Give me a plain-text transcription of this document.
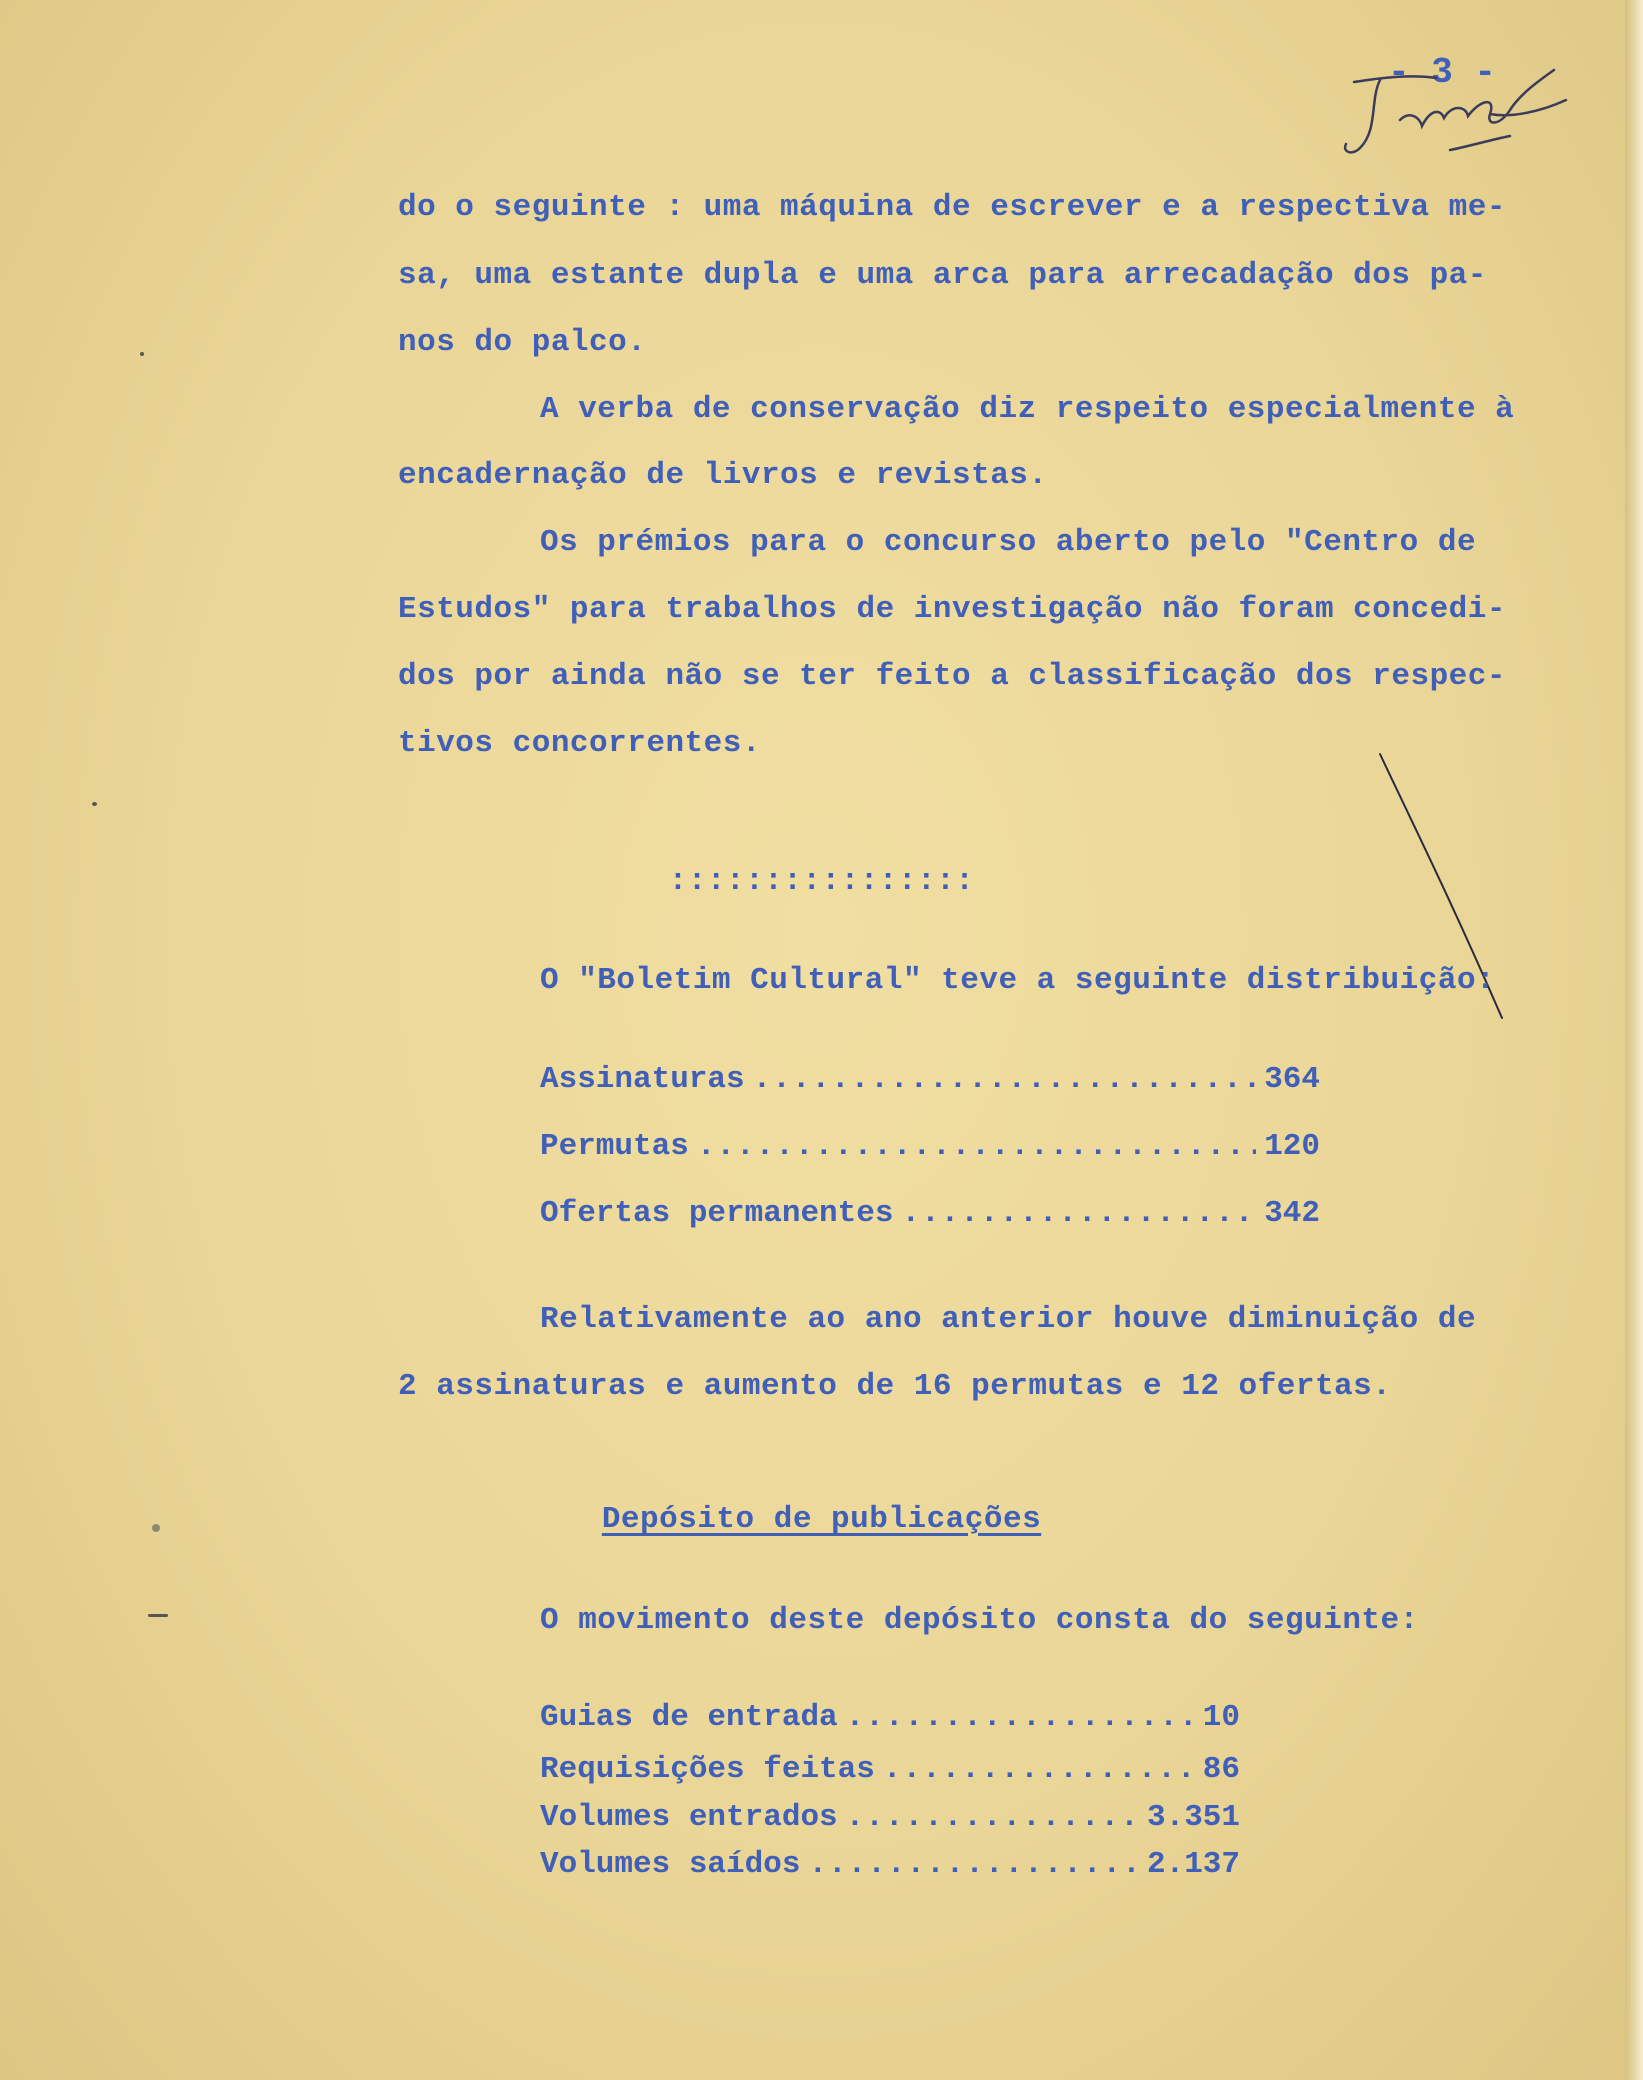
- 3 -

do o seguinte : uma máquina de escrever e a respectiva me-

sa, uma estante dupla e uma arca para arrecadação dos pa-

nos do palco.

A verba de conservação diz respeito especialmente à

encadernação de livros e revistas.

Os prémios para o concurso aberto pelo "Centro de

Estudos" para trabalhos de investigação não foram concedi-

dos por ainda não se ter feito a classificação dos respec-

tivos concorrentes.

::::::::::::::::

O "Boletim Cultural" teve a seguinte distribuição:

Assinaturas .....	364
Permutas .....	120
Ofertas permanentes .....	342

Relativamente ao ano anterior houve diminuição de

2 assinaturas e aumento de 16 permutas e 12 ofertas.

Depósito de publicações

O movimento deste depósito consta do seguinte:

Guias de entrada .....	10
Requisições feitas .....	86
Volumes entrados .....	3.351
Volumes saídos .....	2.137
